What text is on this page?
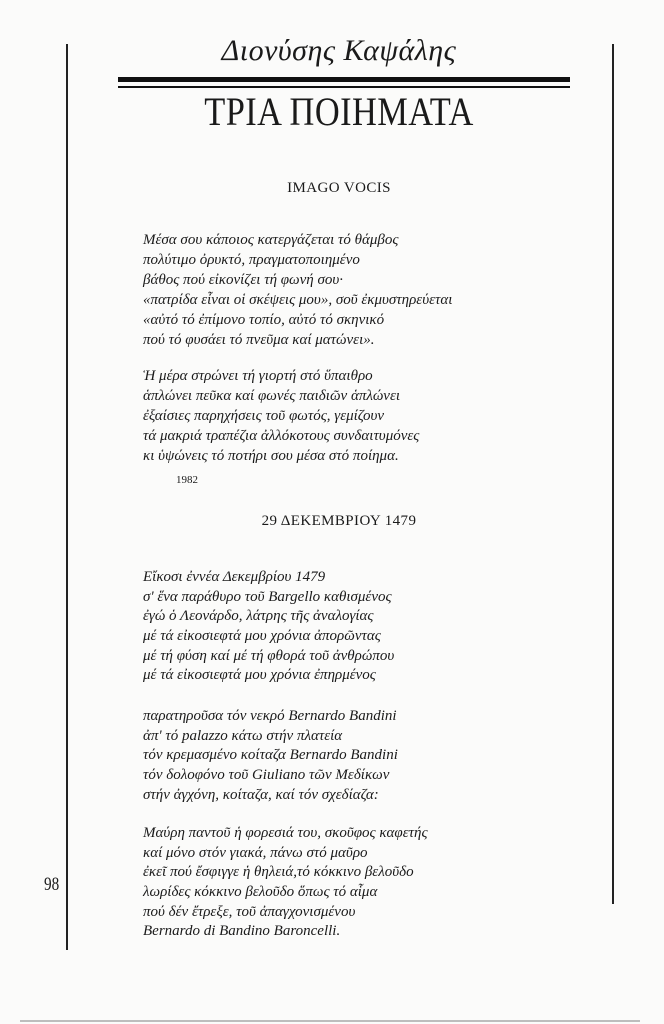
Διονύσης Καψάλης
ΤΡΙΑ ΠΟΙΗΜΑΤΑ
IMAGO VOCIS
Μέσα σου κάποιος κατεργάζεται τό θάμβος
πολύτιμο ὀρυκτό, πραγματοποιημένο
βάθος πού εἰκονίζει τή φωνή σου·
«πατρίδα εἶναι οἱ σκέψεις μου», σοῦ ἐκμυστηρεύεται
«αὐτό τό ἐπίμονο τοπίο, αὐτό τό σκηνικό
πού τό φυσάει τό πνεῦμα καί ματώνει».
Ἡ μέρα στρώνει τή γιορτή στό ὕπαιθρο
ἁπλώνει πεῦκα καί φωνές παιδιῶν ἁπλώνει
ἐξαίσιες παρηχήσεις τοῦ φωτός, γεμίζουν
τά μακριά τραπέζια ἀλλόκοτους συνδαιτυμόνες
κι ὑψώνεις τό ποτήρι σου μέσα στό ποίημα.
1982
29 ΔΕΚΕΜΒΡΙΟΥ 1479
Εἴκοσι ἐννέα Δεκεμβρίου 1479
σ' ἕνα παράθυρο τοῦ Bargello καθισμένος
ἐγώ ὁ Λεονάρδο, λάτρης τῆς ἀναλογίας
μέ τά εἰκοσιεφτά μου χρόνια ἀπορῶντας
μέ τή φύση καί μέ τή φθορά τοῦ ἀνθρώπου
μέ τά εἰκοσιεφτά μου χρόνια ἐπηρμένος
παρατηροῦσα τόν νεκρό Bernardo Bandini
ἀπ' τό palazzo κάτω στήν πλατεία
τόν κρεμασμένο κοίταζα Bernardo Bandini
τόν δολοφόνο τοῦ Giuliano τῶν Μεδίκων
στήν ἀγχόνη, κοίταζα, καί τόν σχεδίαζα:
Μαύρη παντοῦ ἡ φορεσιά του, σκοῦφος καφετής
καί μόνο στόν γιακά, πάνω στό μαῦρο
ἐκεῖ πού ἔσφιγγε ἡ θηλειά,τό κόκκινο βελοῦδο
λωρίδες κόκκινο βελοῦδο ὅπως τό αἷμα
πού δέν ἔτρεξε, τοῦ ἀπαγχονισμένου
Bernardo di Bandino Baroncelli.
98
